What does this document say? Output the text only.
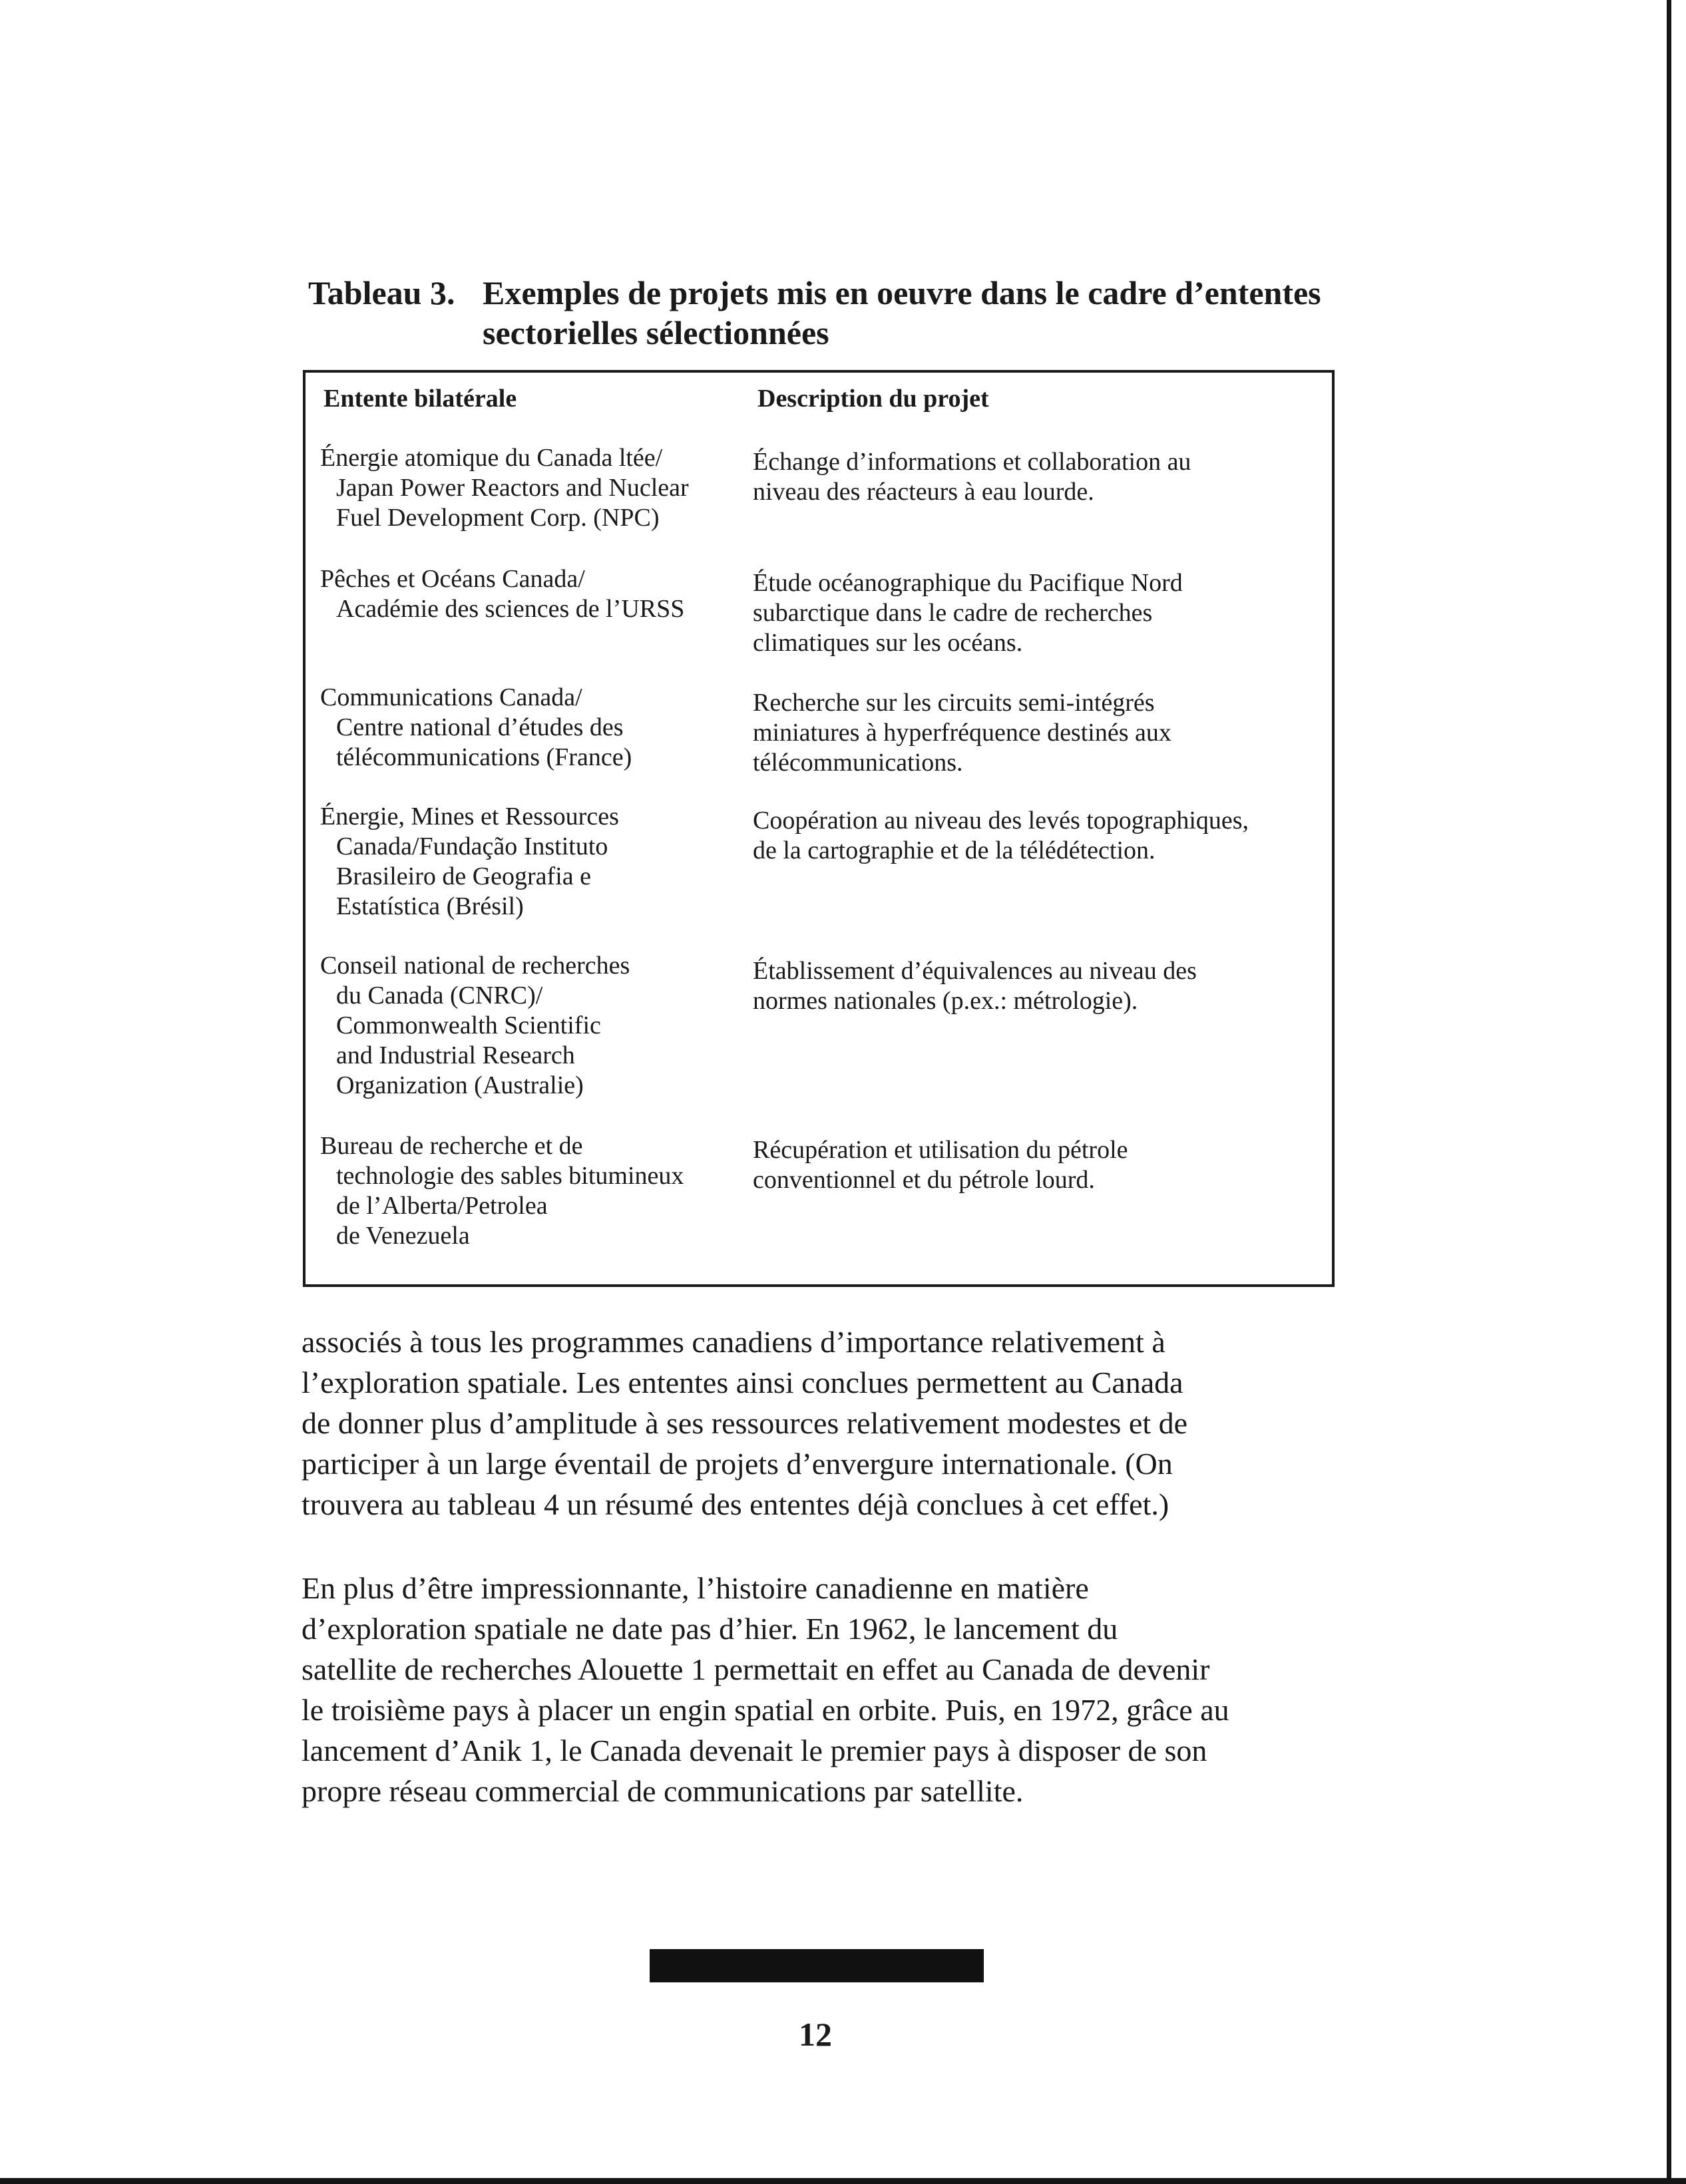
Tableau 3. Exemples de projets mis en oeuvre dans le cadre d’ententes sectorielles sélectionnées
Entente bilatérale	Description du projet
Énergie atomique du Canada ltée/
Japan Power Reactors and Nuclear
Fuel Development Corp. (NPC)
Échange d’informations et collaboration au
niveau des réacteurs à eau lourde.
Pêches et Océans Canada/
Académie des sciences de l’URSS
Étude océanographique du Pacifique Nord
subarctique dans le cadre de recherches
climatiques sur les océans.
Communications Canada/
Centre national d’études des
télécommunications (France)
Recherche sur les circuits semi-intégrés
miniatures à hyperfréquence destinés aux
télécommunications.
Énergie, Mines et Ressources
Canada/Fundação Instituto
Brasileiro de Geografia e
Estatística (Brésil)
Coopération au niveau des levés topographiques,
de la cartographie et de la télédétection.
Conseil national de recherches
du Canada (CNRC)/
Commonwealth Scientific
and Industrial Research
Organization (Australie)
Établissement d’équivalences au niveau des
normes nationales (p.ex.: métrologie).
Bureau de recherche et de
technologie des sables bitumineux
de l’Alberta/Petrolea
de Venezuela
Récupération et utilisation du pétrole
conventionnel et du pétrole lourd.
associés à tous les programmes canadiens d’importance relativement à
l’exploration spatiale. Les ententes ainsi conclues permettent au Canada
de donner plus d’amplitude à ses ressources relativement modestes et de
participer à un large éventail de projets d’envergure internationale. (On
trouvera au tableau 4 un résumé des ententes déjà conclues à cet effet.)
En plus d’être impressionnante, l’histoire canadienne en matière
d’exploration spatiale ne date pas d’hier. En 1962, le lancement du
satellite de recherches Alouette 1 permettait en effet au Canada de devenir
le troisième pays à placer un engin spatial en orbite. Puis, en 1972, grâce au
lancement d’Anik 1, le Canada devenait le premier pays à disposer de son
propre réseau commercial de communications par satellite.
12
